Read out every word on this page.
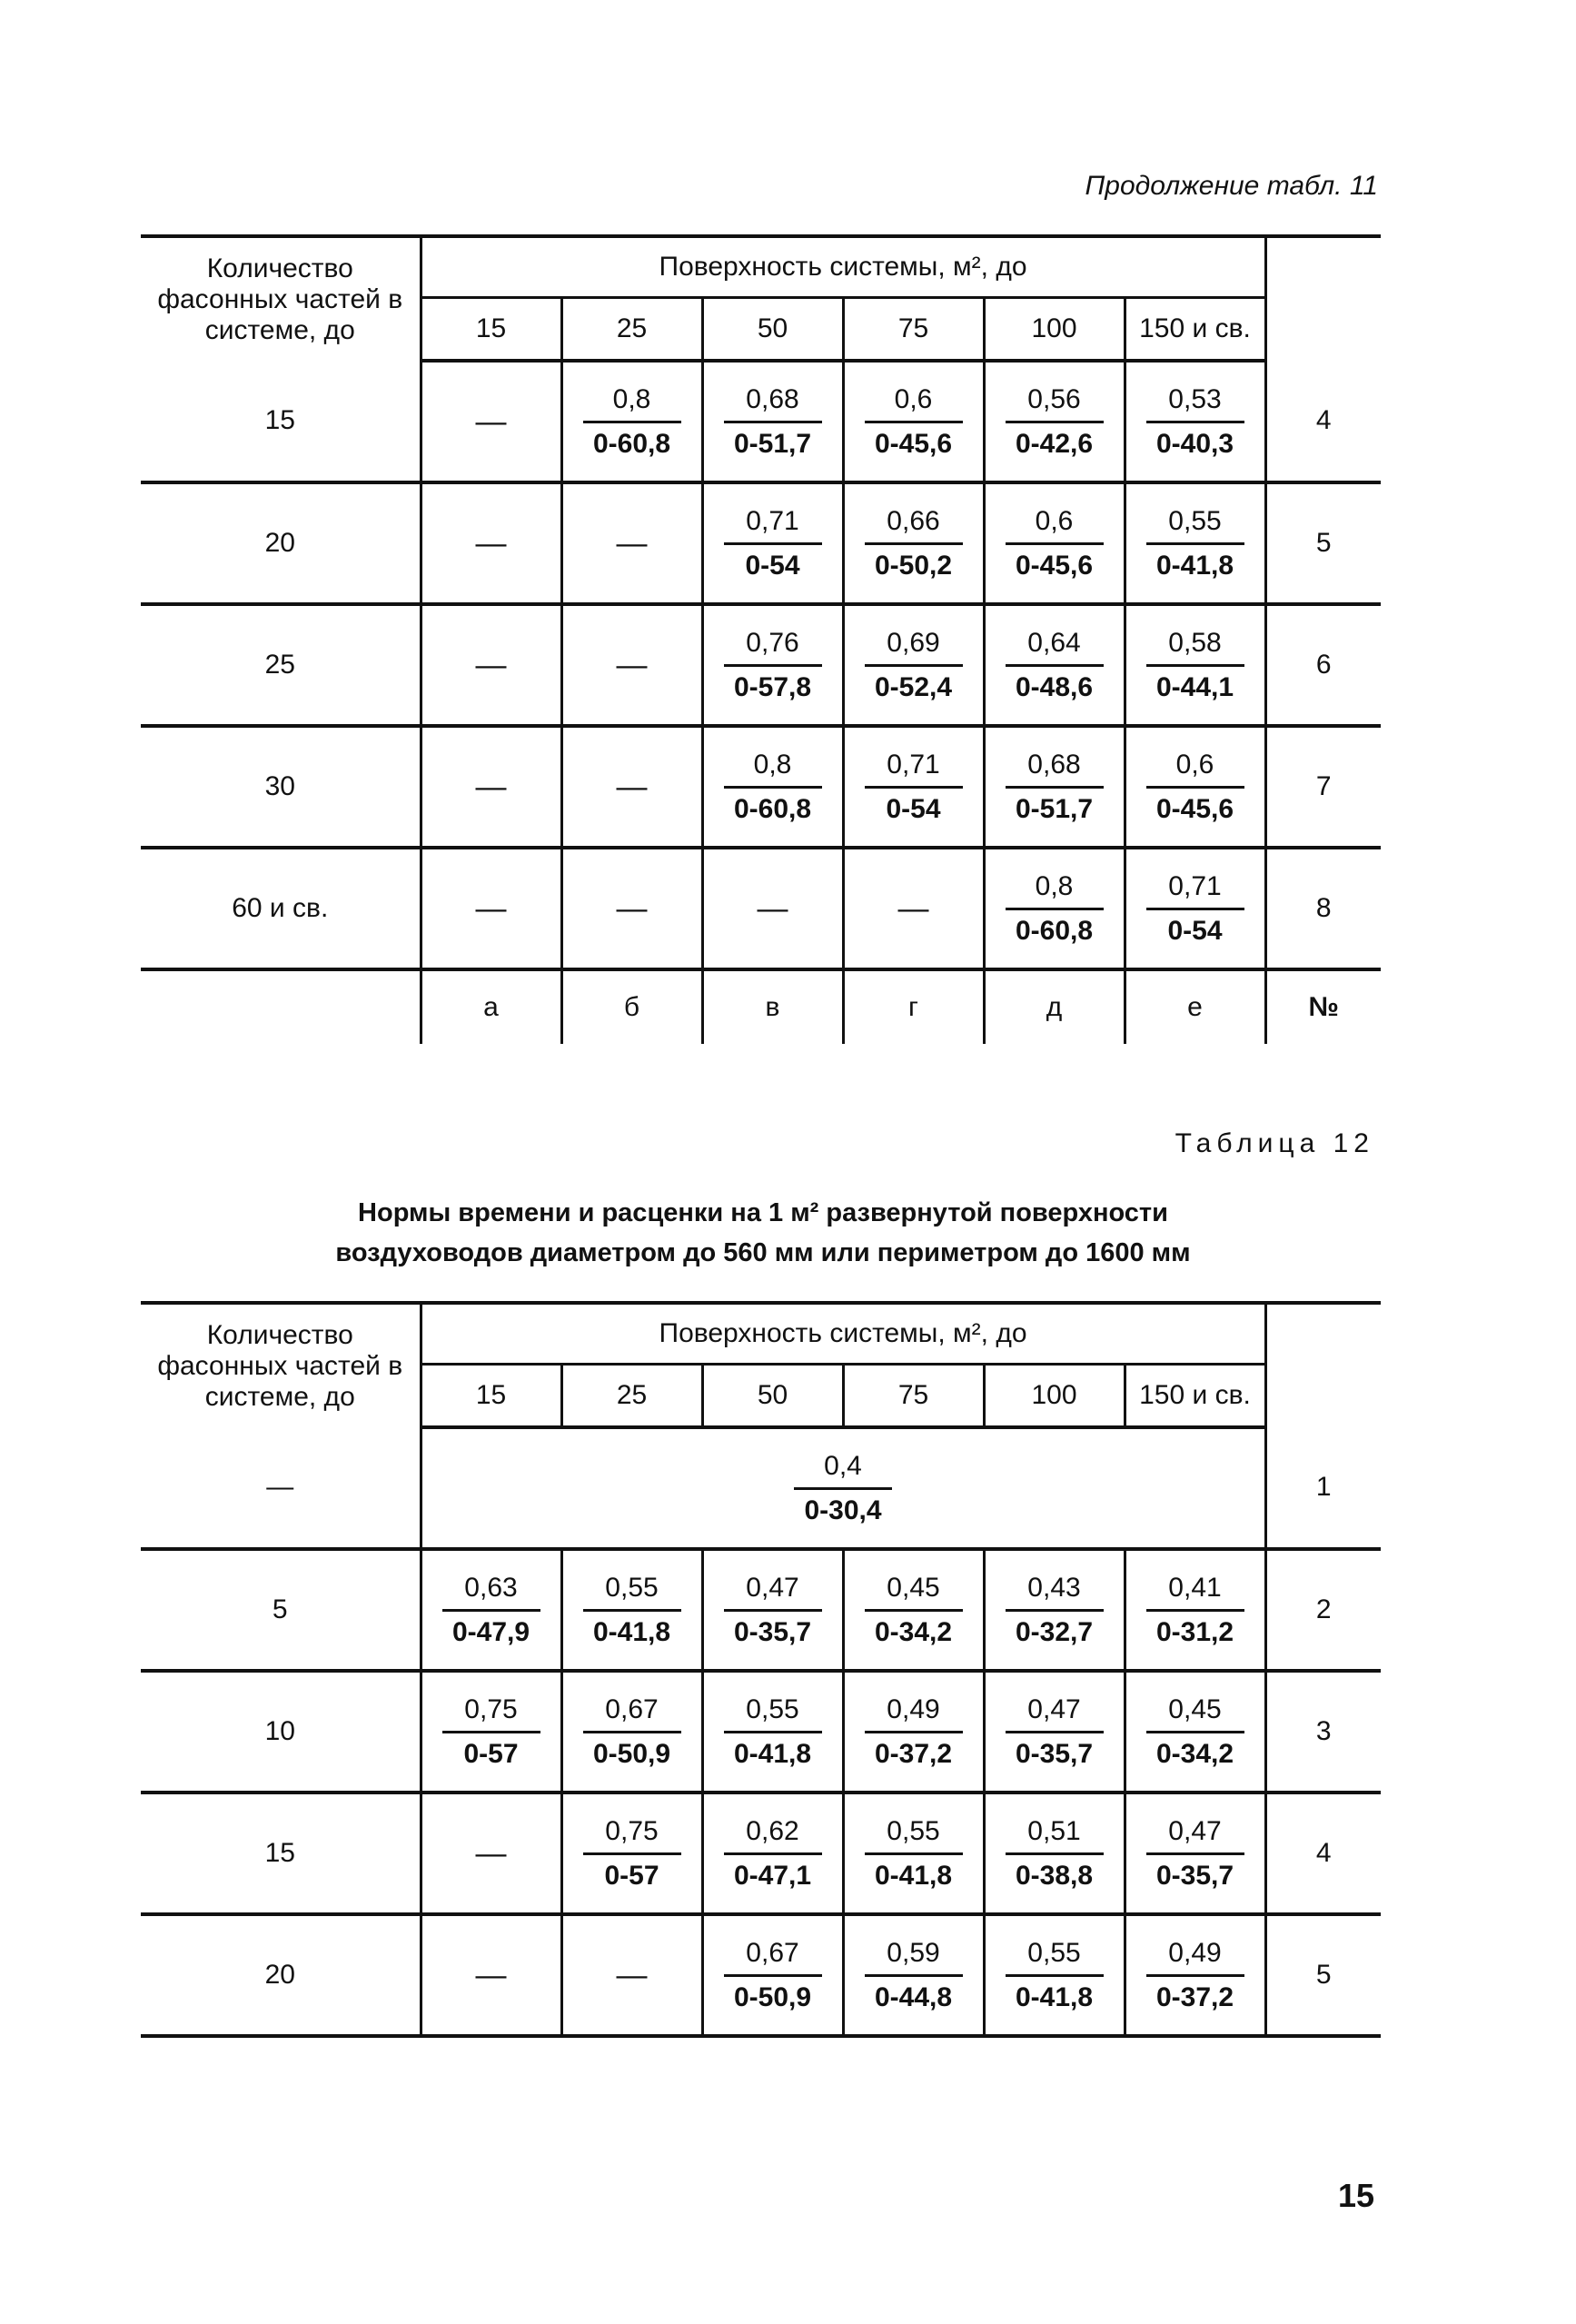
Продолжение табл. 11
Количество фасонных частей в системе, до	Поверхность системы, м², до						
	15	25	50	75	100	150 и св.	
15	—	$\frac{0,8}{0-60,8}$	$\frac{0,68}{0-51,7}$	$\frac{0,6}{0-45,6}$	$\frac{0,56}{0-42,6}$	$\frac{0,53}{0-40,3}$	4
20	—	—	$\frac{0,71}{0-54}$	$\frac{0,66}{0-50,2}$	$\frac{0,6}{0-45,6}$	$\frac{0,55}{0-41,8}$	5
25	—	—	$\frac{0,76}{0-57,8}$	$\frac{0,69}{0-52,4}$	$\frac{0,64}{0-48,6}$	$\frac{0,58}{0-44,1}$	6
30	—	—	$\frac{0,8}{0-60,8}$	$\frac{0,71}{0-54}$	$\frac{0,68}{0-51,7}$	$\frac{0,6}{0-45,6}$	7
60 и св.	—	—	—	—	$\frac{0,8}{0-60,8}$	$\frac{0,71}{0-54}$	8
	а	б	в	г	д	е	№
Таблица 12
Нормы времени и расценки на 1 м² развернутой поверхности
воздуховодов диаметром до 560 мм или периметром до 1600 мм
Количество фасонных частей в системе, до	Поверхность системы, м², до						
	15	25	50	75	100	150 и св.	
—	$\frac{0,4}{0-30,4}$						1
5	$\frac{0,63}{0-47,9}$	$\frac{0,55}{0-41,8}$	$\frac{0,47}{0-35,7}$	$\frac{0,45}{0-34,2}$	$\frac{0,43}{0-32,7}$	$\frac{0,41}{0-31,2}$	2
10	$\frac{0,75}{0-57}$	$\frac{0,67}{0-50,9}$	$\frac{0,55}{0-41,8}$	$\frac{0,49}{0-37,2}$	$\frac{0,47}{0-35,7}$	$\frac{0,45}{0-34,2}$	3
15	—	$\frac{0,75}{0-57}$	$\frac{0,62}{0-47,1}$	$\frac{0,55}{0-41,8}$	$\frac{0,51}{0-38,8}$	$\frac{0,47}{0-35,7}$	4
20	—	—	$\frac{0,67}{0-50,9}$	$\frac{0,59}{0-44,8}$	$\frac{0,55}{0-41,8}$	$\frac{0,49}{0-37,2}$	5
15
